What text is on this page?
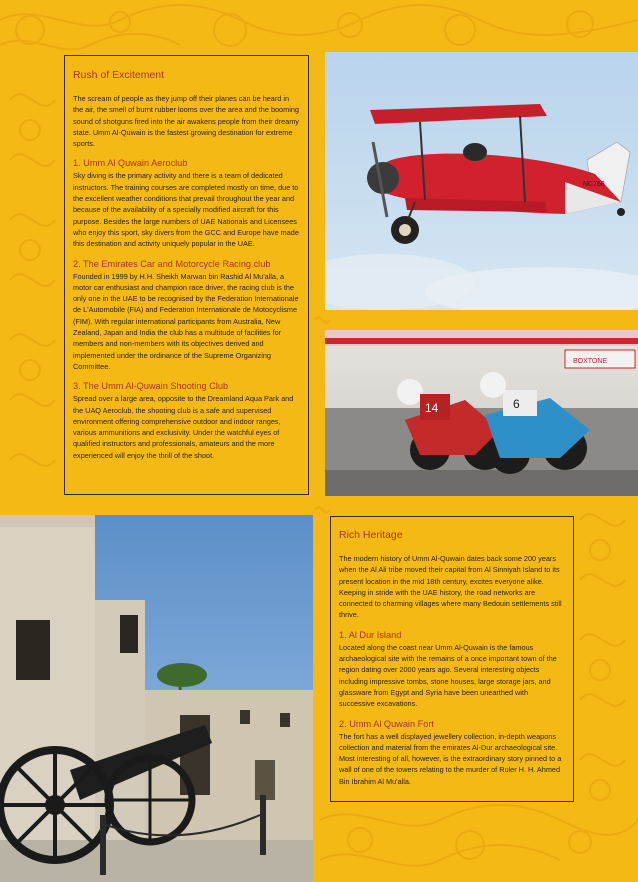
Rush of Excitement

The scream of people as they jump off their planes can be heard in the air, the smell of burnt rubber looms over the area and the booming sound of shotguns fired into the air awakens people from their dreamy state. Umm Al-Quwain is the fastest growing destination for extreme sports.

1. Umm Al Quwain Aeroclub

Sky diving is the primary activity and there is a team of dedicated instructors. The training courses are completed mostly on time, due to the excellent weather conditions that prevail throughout the year and because of the availability of a specially modified aircraft for this purpose. Besides the large numbers of UAE Nationals and Licensees who enjoy this sport, sky divers from the GCC and Europe have made this destination and activity uniquely popular in the UAE.

2. The Emirates Car and Motorcycle Racing club

Founded in 1999 by H.H. Sheikh Marwan bin Rashid Al Mu'alla, a motor car enthusiast and champion race driver, the racing club is the only one in the UAE to be recognised by the Federation Internationale de L'Automobile (FIA) and Federation Internationale de Motocyclisme (FIM). With regular international participants from Australia, New Zealand, Japan and India the club has a multitude of facilities for members and non-members with its objectives derived and implemented under the ordinance of the Supreme Organizing Committee.

3. The Umm Al-Quwain Shooting Club

Spread over a large area, opposite to the Dreamland Aqua Park and the UAQ Aeroclub, the shooting club is a safe and supervised environment offering comprehensive outdoor and indoor ranges, various ammunitions and exclusivity. Under the watchful eyes of qualified instructors and professionals, amateurs and the more experienced will enjoy the thrill of the shoot.

NC768
BOXTONE
14	6
Rich Heritage

The modern history of Umm Al-Quwain dates back some 200 years when the Al Ali tribe moved their capital from Al Sinniyah Island to its present location in the mid 18th century, excites everyone alike. Keeping in stride with the UAE history, the road networks are connected to charming villages where many Bedouin settlements still thrive.

1. Al Dur Island

Located along the coast near Umm Al-Quwain is the famous archaeological site with the remains of a once important town of the region dating over 2000 years ago. Several interesting objects including impressive tombs, stone houses, large storage jars, and glassware from Egypt and Syria have been unearthed with successive excavations.

2. Umm Al Quwain Fort

The fort has a well displayed jewellery collection, in-depth weapons collection and material from the emirates Al-Dur archaeological site. Most interesting of all, however, is the extraordinary story pinned to a wall of one of the towers relating to the murder of Ruler H. H. Ahmed Bin Ibrahim Al Mu'alla.
